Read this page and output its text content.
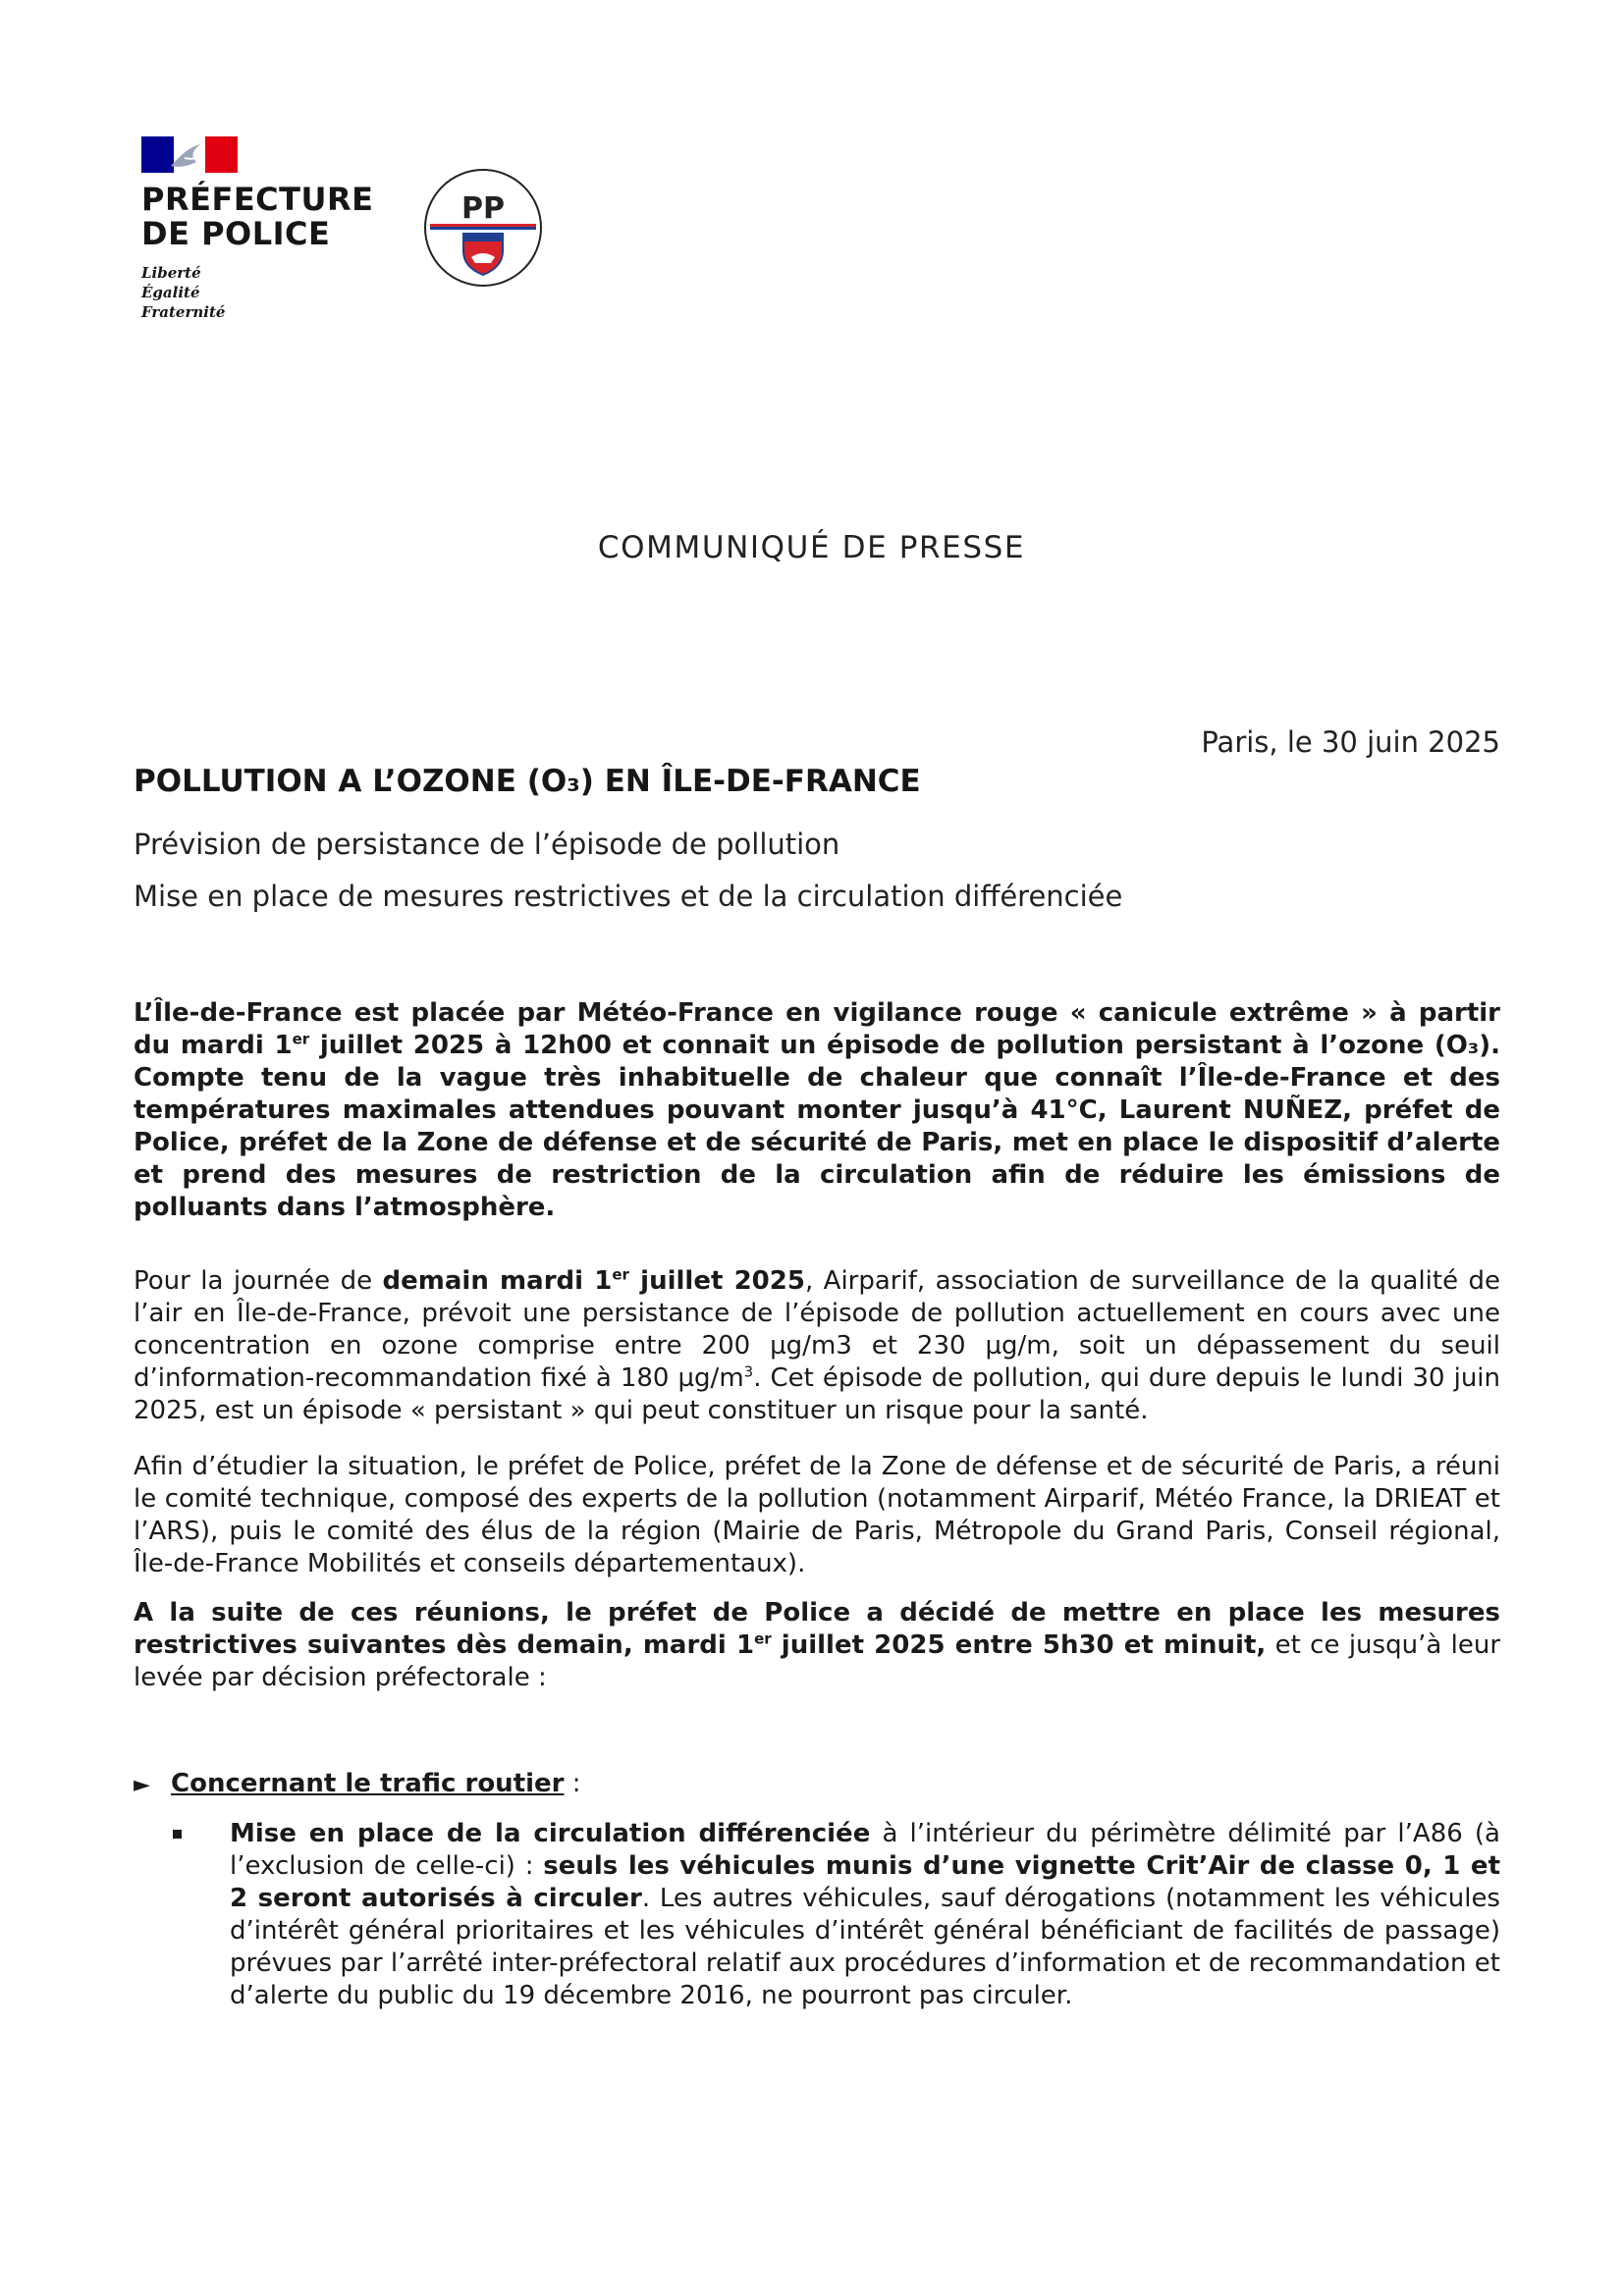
PRÉFECTURE
DE POLICE
Liberté
Égalité
Fraternité
PP
COMMUNIQUÉ DE PRESSE
Paris, le 30 juin 2025
POLLUTION A L’OZONE (O₃) EN ÎLE-DE-FRANCE
Prévision de persistance de l’épisode de pollution
Mise en place de mesures restrictives et de la circulation différenciée
L’Île-de-France est placée par Météo-France en vigilance rouge « canicule extrême » à partir du mardi 1er juillet 2025 à 12h00 et connait un épisode de pollution persistant à l’ozone (O₃). Compte tenu de la vague très inhabituelle de chaleur que connaît l’Île-de-France et des températures maximales attendues pouvant monter jusqu’à 41°C, Laurent NUÑEZ, préfet de Police, préfet de la Zone de défense et de sécurité de Paris, met en place le dispositif d’alerte et prend des mesures de restriction de la circulation afin de réduire les émissions de polluants dans l’atmosphère.
Pour la journée de demain mardi 1er juillet 2025, Airparif, association de surveillance de la qualité de l’air en Île-de-France, prévoit une persistance de l’épisode de pollution actuellement en cours avec une concentration en ozone comprise entre 200 µg/m3 et 230 µg/m, soit un dépassement du seuil d’information-recommandation fixé à 180 $\mu g/m^3$. Cet épisode de pollution, qui dure depuis le lundi 30 juin 2025, est un épisode « persistant » qui peut constituer un risque pour la santé.
Afin d’étudier la situation, le préfet de Police, préfet de la Zone de défense et de sécurité de Paris, a réuni le comité technique, composé des experts de la pollution (notamment Airparif, Météo France, la DRIEAT et l’ARS), puis le comité des élus de la région (Mairie de Paris, Métropole du Grand Paris, Conseil régional, Île-de-France Mobilités et conseils départementaux).
A la suite de ces réunions, le préfet de Police a décidé de mettre en place les mesures restrictives suivantes dès demain, mardi 1er juillet 2025 entre 5h30 et minuit, et ce jusqu’à leur levée par décision préfectorale :
► Concernant le trafic routier :
Mise en place de la circulation différenciée à l’intérieur du périmètre délimité par l’A86 (à l’exclusion de celle-ci) : seuls les véhicules munis d’une vignette Crit’Air de classe 0, 1 et 2 seront autorisés à circuler. Les autres véhicules, sauf dérogations (notamment les véhicules d’intérêt général prioritaires et les véhicules d’intérêt général bénéficiant de facilités de passage) prévues par l’arrêté inter-préfectoral relatif aux procédures d’information et de recommandation et d’alerte du public du 19 décembre 2016, ne pourront pas circuler.
